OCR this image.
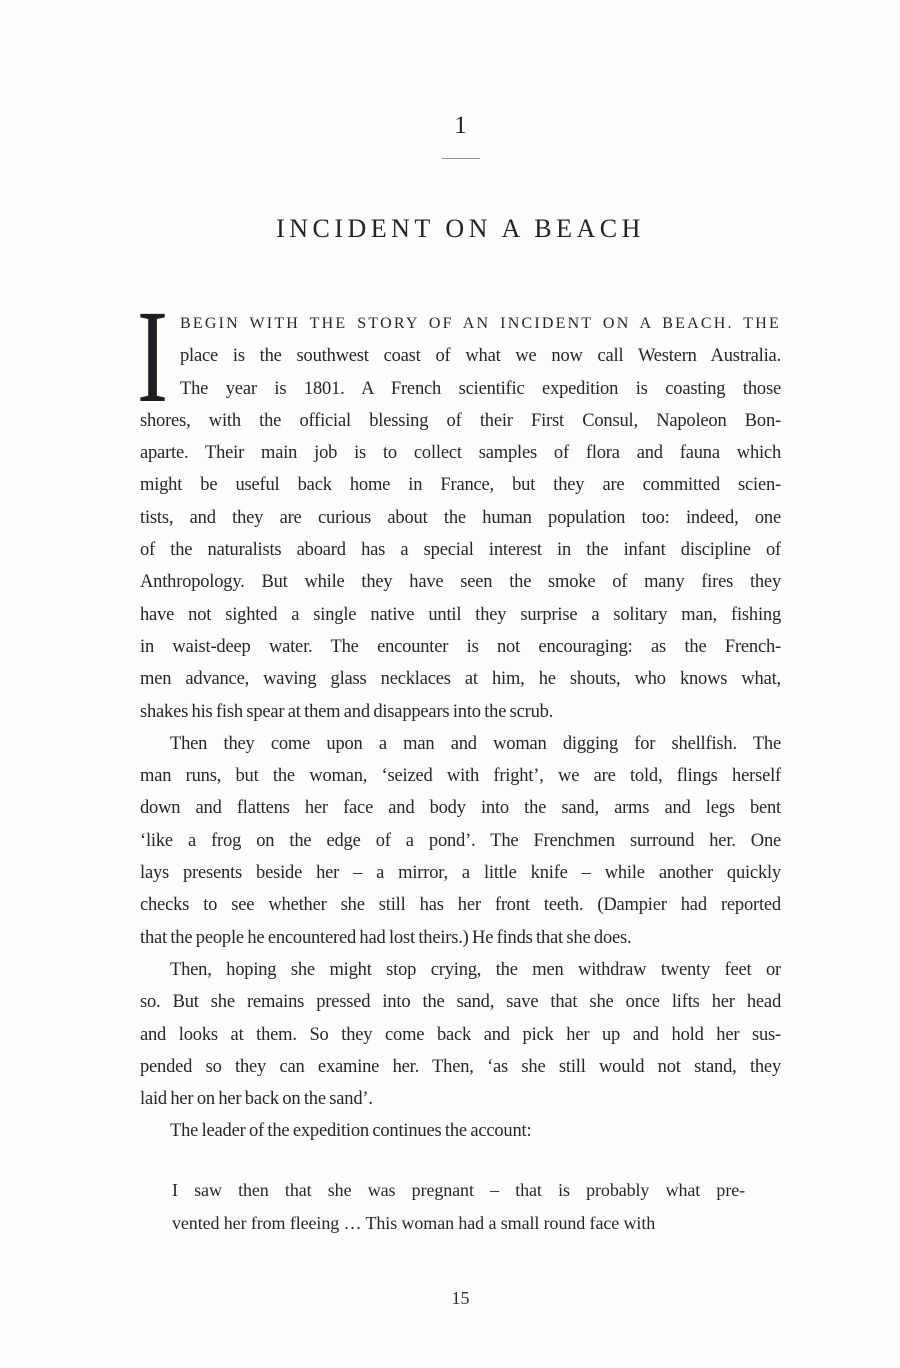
1
INCIDENT ON A BEACH
I BEGIN WITH THE STORY OF AN INCIDENT ON A BEACH. THE
place is the southwest coast of what we now call Western Australia.
The year is 1801. A French scientific expedition is coasting those
shores, with the official blessing of their First Consul, Napoleon Bon-
aparte. Their main job is to collect samples of flora and fauna which
might be useful back home in France, but they are committed scien-
tists, and they are curious about the human population too: indeed, one
of the naturalists aboard has a special interest in the infant discipline of
Anthropology. But while they have seen the smoke of many fires they
have not sighted a single native until they surprise a solitary man, fishing
in waist-deep water. The encounter is not encouraging: as the French-
men advance, waving glass necklaces at him, he shouts, who knows what,
shakes his fish spear at them and disappears into the scrub.
Then they come upon a man and woman digging for shellfish. The
man runs, but the woman, ‘seized with fright’, we are told, flings herself
down and flattens her face and body into the sand, arms and legs bent
‘like a frog on the edge of a pond’. The Frenchmen surround her. One
lays presents beside her – a mirror, a little knife – while another quickly
checks to see whether she still has her front teeth. (Dampier had reported
that the people he encountered had lost theirs.) He finds that she does.
Then, hoping she might stop crying, the men withdraw twenty feet or
so. But she remains pressed into the sand, save that she once lifts her head
and looks at them. So they come back and pick her up and hold her sus-
pended so they can examine her. Then, ‘as she still would not stand, they
laid her on her back on the sand’.
The leader of the expedition continues the account:
I saw then that she was pregnant – that is probably what pre-
vented her from fleeing … This woman had a small round face with
15
